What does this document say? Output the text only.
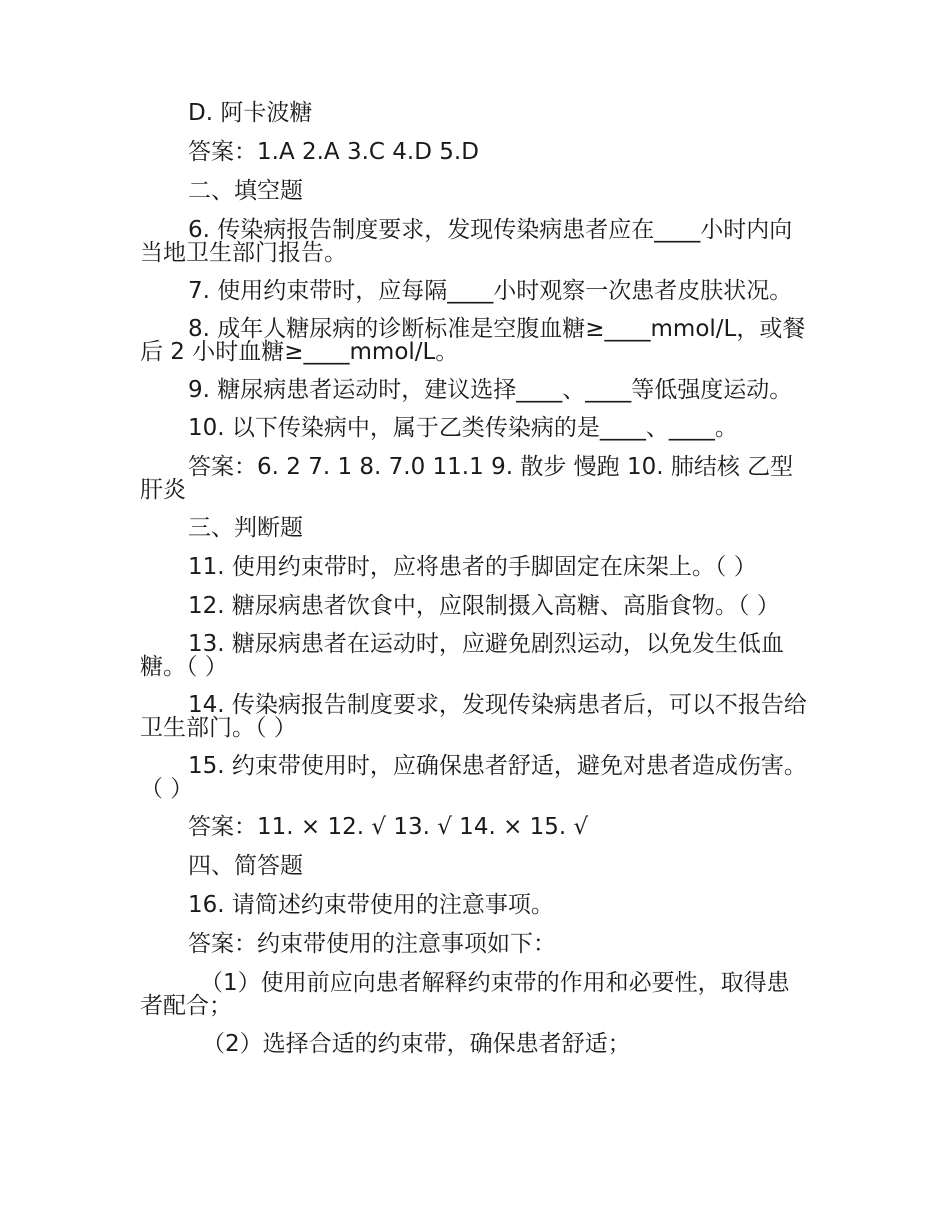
D. 阿卡波糖

答案：1.A 2.A 3.C 4.D 5.D

二、填空题

6. 传染病报告制度要求，发现传染病患者应在____小时内向当地卫生部门报告。

7. 使用约束带时，应每隔____小时观察一次患者皮肤状况。

8. 成年人糖尿病的诊断标准是空腹血糖≥____mmol/L，或餐后 2 小时血糖≥____mmol/L。

9. 糖尿病患者运动时，建议选择____、____等低强度运动。

10. 以下传染病中，属于乙类传染病的是____、____。

答案：6. 2 7. 1 8. 7.0 11.1 9. 散步 慢跑 10. 肺结核 乙型肝炎

三、判断题

11. 使用约束带时，应将患者的手脚固定在床架上。（ ）

12. 糖尿病患者饮食中，应限制摄入高糖、高脂食物。（ ）

13. 糖尿病患者在运动时，应避免剧烈运动，以免发生低血糖。（ ）

14. 传染病报告制度要求，发现传染病患者后，可以不报告给卫生部门。（ ）

15. 约束带使用时，应确保患者舒适，避免对患者造成伤害。（ ）

答案：11. × 12. √ 13. √ 14. × 15. √

四、简答题

16. 请简述约束带使用的注意事项。

答案：约束带使用的注意事项如下：

（1）使用前应向患者解释约束带的作用和必要性，取得患者配合；

（2）选择合适的约束带，确保患者舒适；
